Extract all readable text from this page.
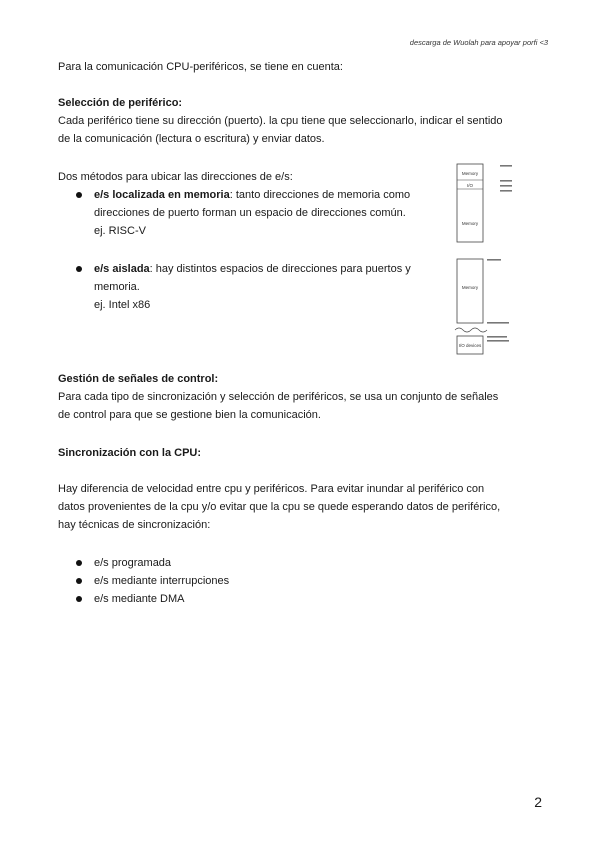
descarga de Wuolah para apoyar porfi <3
Para la comunicación CPU-periféricos, se tiene en cuenta:
Selección de periférico:
Cada periférico tiene su dirección (puerto). la cpu tiene que seleccionarlo, indicar el sentido
de la comunicación (lectura o escritura) y enviar datos.
Dos métodos para ubicar las direcciones de e/s:
e/s localizada en memoria: tanto direcciones de memoria como
direcciones de puerto forman un espacio de direcciones común.
ej. RISC-V
e/s aislada: hay distintos espacios de direcciones para puertos y
memoria.
ej. Intel x86
Memory
I/O
Memory
Memory
I/O devices
Gestión de señales de control:
Para cada tipo de sincronización y selección de periféricos, se usa un conjunto de señales
de control para que se gestione bien la comunicación.
Sincronización con la CPU:
Hay diferencia de velocidad entre cpu y periféricos. Para evitar inundar al periférico con
datos provenientes de la cpu y/o evitar que la cpu se quede esperando datos de periférico,
hay técnicas de sincronización:
e/s programada
e/s mediante interrupciones
e/s mediante DMA
2
